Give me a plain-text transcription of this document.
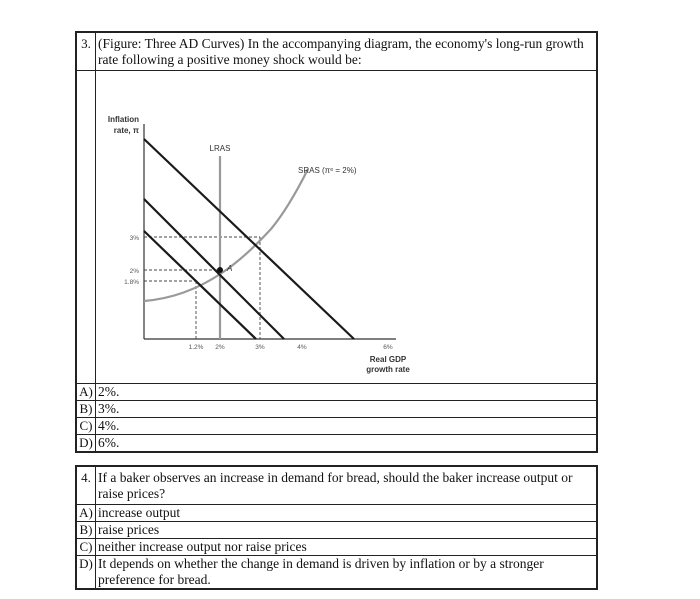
3. (Figure: Three AD Curves) In the accompanying diagram, the economy's long-run growth rate following a positive money shock would be:
Inflation
rate, π
Real GDP
growth rate
LRAS
SRAS (πᵉ = 2%)
A
3%
2%
1.8%
1.2% 2%	3%	4%	6%
A) 2%.
B) 3%.
C) 4%.
D) 6%.
4. If a baker observes an increase in demand for bread, should the baker increase output or raise prices?
A) increase output
B) raise prices
C) neither increase output nor raise prices
D) It depends on whether the change in demand is driven by inflation or by a stronger preference for bread.
